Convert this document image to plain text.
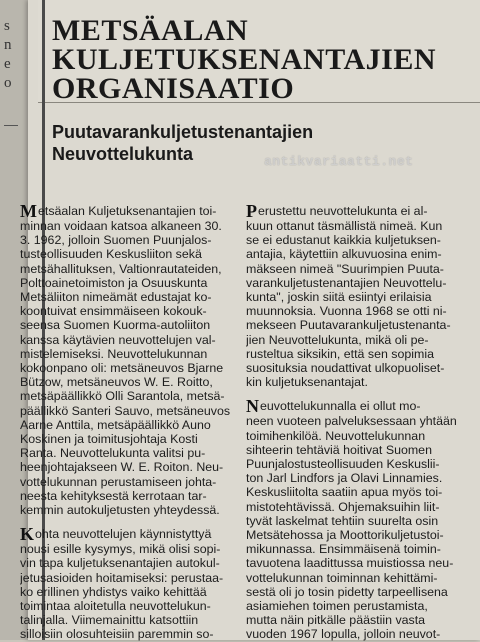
s
n
e
o
METSÄALAN
KULJETUKSENANTAJIEN
ORGANISAATIO
Puutavarankuljetustenantajien
Neuvottelukunta	antikvariaatti.net
M etsäalan Kuljetuksenantajien toi-
minnan voidaan katsoa alkaneen 30.
3. 1962, jolloin Suomen Puunjalos-
tusteollisuuden Keskusliiton sekä
metsähallituksen, Valtionrautateiden,
Polttoainetoimiston ja Osuuskunta
Metsäliiton nimeämät edustajat ko-
koontuivat ensimmäiseen kokouk-
seensa Suomen Kuorma-autoliiton
kanssa käytävien neuvottelujen val-
mistelemiseksi. Neuvottelukunnan
kokoonpano oli: metsäneuvos Bjarne
Bützow, metsäneuvos W. E. Roitto,
metsäpäällikkö Olli Sarantola, metsä-
päällikkö Santeri Sauvo, metsäneuvos
Aarne Anttila, metsäpäällikkö Auno
Koskinen ja toimitusjohtaja Kosti
Ranta. Neuvottelukunta valitsi pu-
heenjohtajakseen W. E. Roiton. Neu-
vottelukunnan perustamiseen johta-
neesta kehityksestä kerrotaan tar-
kemmin autokuljetusten yhteydessä.
K ohta neuvottelujen käynnistyttyä
nousi esille kysymys, mikä olisi sopi-
vin tapa kuljetuksenantajien autokul-
jetusasioiden hoitamiseksi: perustaa-
ko erillinen yhdistys vaiko kehittää
toimintaa aloitetulla neuvottelukun-
talinjalla. Viimemainittu katsottiin
silloisiin olosuhteisiin paremmin so-
P erustettu neuvottelukunta ei al-
kuun ottanut täsmällistä nimeä. Kun
se ei edustanut kaikkia kuljetuksen-
antajia, käytettiin alkuvuosina enim-
mäkseen nimeä "Suurimpien Puuta-
varankuljetustenantajien Neuvottelu-
kunta", joskin siitä esiintyi erilaisia
muunnoksia. Vuonna 1968 se otti ni-
mekseen Puutavarankuljetustenanta-
jien Neuvottelukunta, mikä oli pe-
rusteltua siksikin, että sen sopimia
suosituksia noudattivat ulkopuoliset-
kin kuljetuksenantajat.
N euvottelukunnalla ei ollut mo-
neen vuoteen palveluksessaan yhtään
toimihenkilöä. Neuvottelukunnan
sihteerin tehtäviä hoitivat Suomen
Puunjalostusteollisuuden Keskuslii-
ton Jarl Lindfors ja Olavi Linnamies.
Keskusliitolta saatiin apua myös toi-
mistotehtävissä. Ohjemaksuihin liit-
tyvät laskelmat tehtiin suurelta osin
Metsätehossa ja Moottorikuljetustoi-
mikunnassa. Ensimmäisenä toimin-
tavuotena laadittussa muistiossa neu-
vottelukunnan toiminnan kehittämi-
sestä oli jo tosin pidetty tarpeellisena
asiamiehen toimen perustamista,
mutta näin pitkälle päästiin vasta
vuoden 1967 lopulla, jolloin neuvot-
